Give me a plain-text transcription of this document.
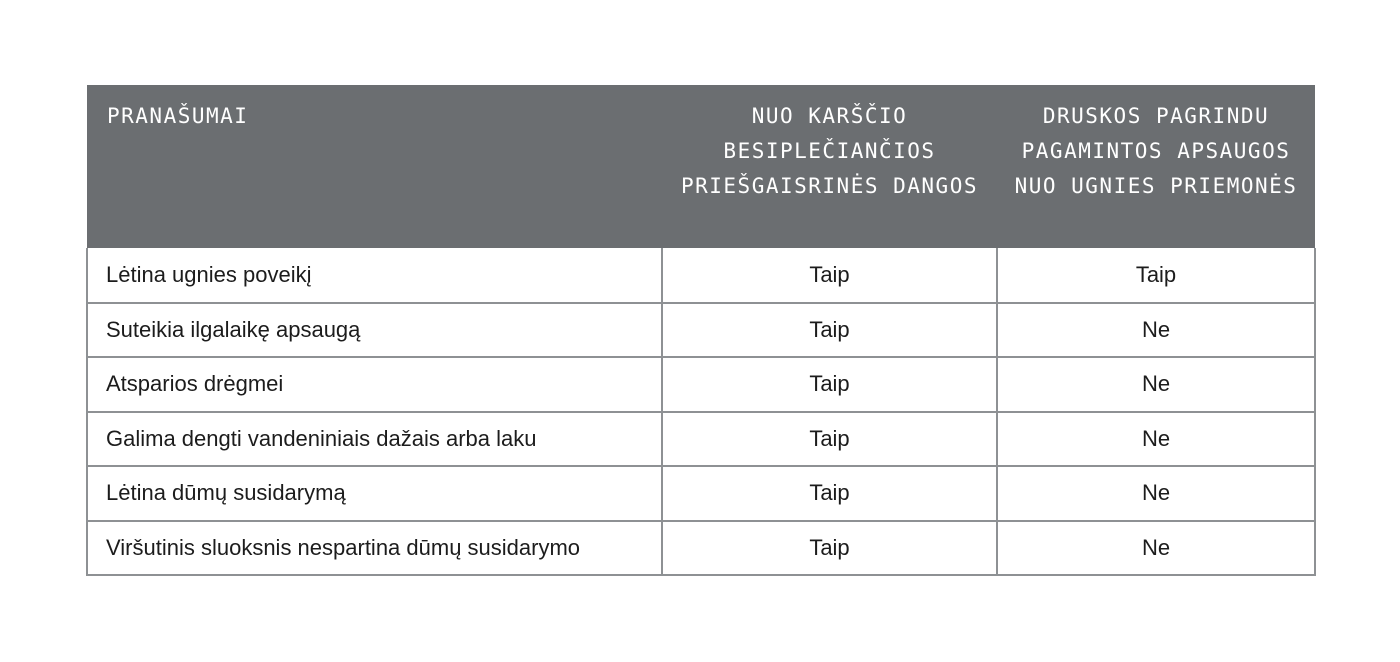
PRANAŠUMAI	NUO KARŠČIO BESIPLEČIANČIOS PRIEŠGAISRINĖS DANGOS	DRUSKOS PAGRINDU PAGAMINTOS APSAUGOS NUO UGNIES PRIEMONĖS
Lėtina ugnies poveikį	Taip	Taip
Suteikia ilgalaikę apsaugą	Taip	Ne
Atsparios drėgmei	Taip	Ne
Galima dengti vandeniniais dažais arba laku	Taip	Ne
Lėtina dūmų susidarymą	Taip	Ne
Viršutinis sluoksnis nespartina dūmų susidarymo	Taip	Ne
